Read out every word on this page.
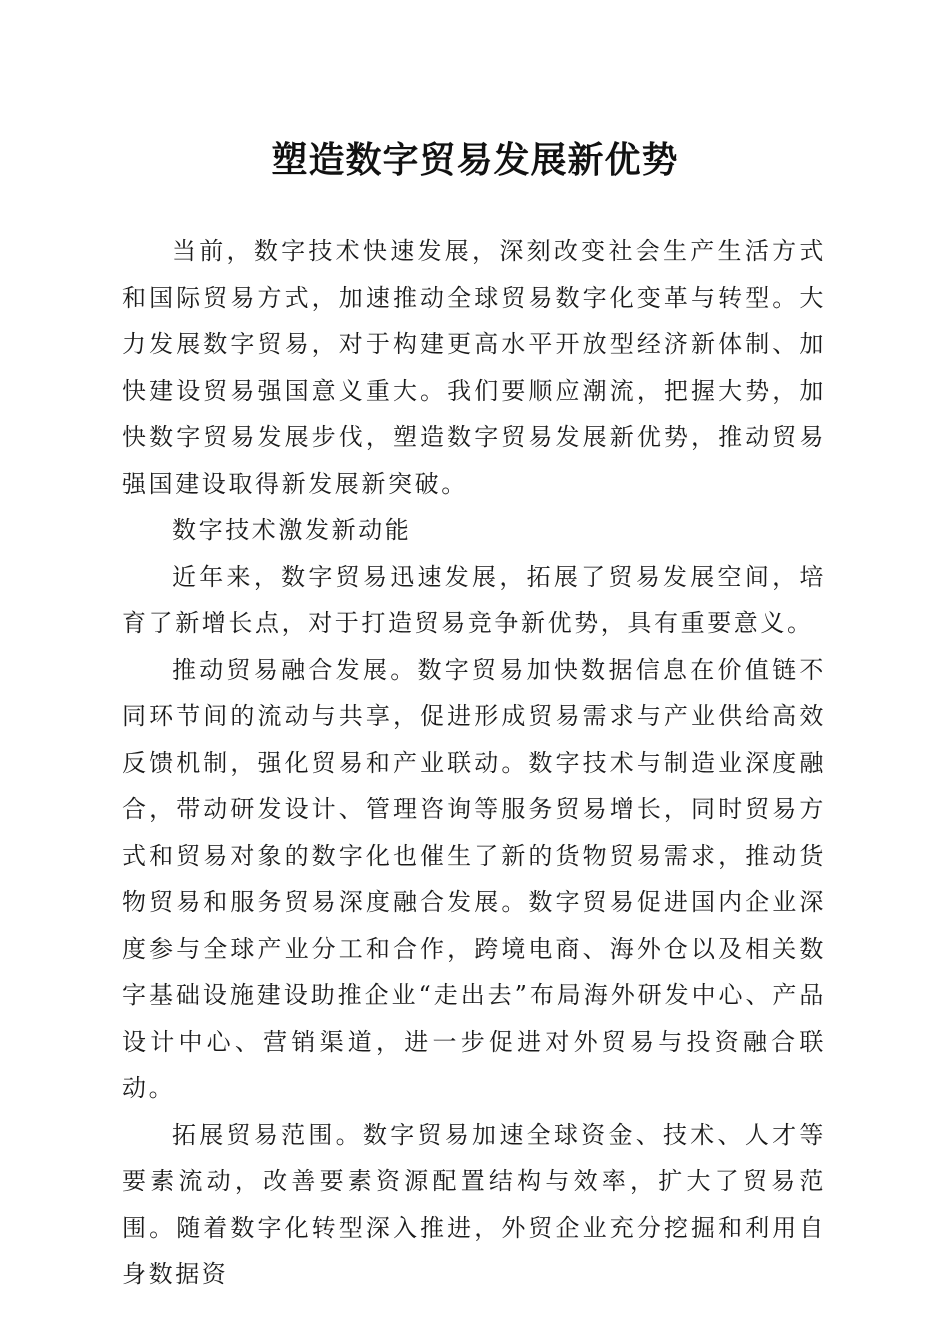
塑造数字贸易发展新优势

当前，数字技术快速发展，深刻改变社会生产生活方式和国际贸易方式，加速推动全球贸易数字化变革与转型。大力发展数字贸易，对于构建更高水平开放型经济新体制、加快建设贸易强国意义重大。我们要顺应潮流，把握大势，加快数字贸易发展步伐，塑造数字贸易发展新优势，推动贸易强国建设取得新发展新突破。

数字技术激发新动能

近年来，数字贸易迅速发展，拓展了贸易发展空间，培育了新增长点，对于打造贸易竞争新优势，具有重要意义。

推动贸易融合发展。数字贸易加快数据信息在价值链不同环节间的流动与共享，促进形成贸易需求与产业供给高效反馈机制，强化贸易和产业联动。数字技术与制造业深度融合，带动研发设计、管理咨询等服务贸易增长，同时贸易方式和贸易对象的数字化也催生了新的货物贸易需求，推动货物贸易和服务贸易深度融合发展。数字贸易促进国内企业深度参与全球产业分工和合作，跨境电商、海外仓以及相关数字基础设施建设助推企业“走出去”布局海外研发中心、产品设计中心、营销渠道，进一步促进对外贸易与投资融合联动。

拓展贸易范围。数字贸易加速全球资金、技术、人才等要素流动，改善要素资源配置结构与效率，扩大了贸易范围。随着数字化转型深入推进，外贸企业充分挖掘和利用自身数据资
